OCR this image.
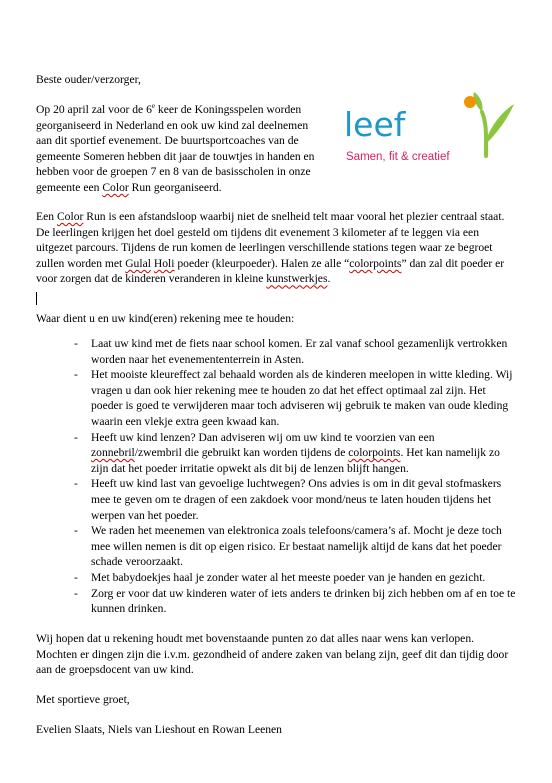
leef
Samen, fit & creatief

Beste ouder/verzorger,

Op 20 april zal voor de 6e keer de Koningsspelen worden georganiseerd in Nederland en ook uw kind zal deelnemen aan dit sportief evenement. De buurtsportcoaches van de gemeente Someren hebben dit jaar de touwtjes in handen en hebben voor de groepen 7 en 8 van de basisscholen in onze gemeente een Color Run georganiseerd.

Een Color Run is een afstandsloop waarbij niet de snelheid telt maar vooral het plezier centraal staat. De leerlingen krijgen het doel gesteld om tijdens dit evenement 3 kilometer af te leggen via een uitgezet parcours. Tijdens de run komen de leerlingen verschillende stations tegen waar ze begroet zullen worden met Gulal Holi poeder (kleurpoeder). Halen ze alle “colorpoints” dan zal dit poeder er voor zorgen dat de kinderen veranderen in kleine kunstwerkjes.

Waar dient u en uw kind(eren) rekening mee te houden:

- Laat uw kind met de fiets naar school komen. Er zal vanaf school gezamenlijk vertrokken worden naar het evenemententerrein in Asten.
- Het mooiste kleureffect zal behaald worden als de kinderen meelopen in witte kleding. Wij vragen u dan ook hier rekening mee te houden zo dat het effect optimaal zal zijn. Het poeder is goed te verwijderen maar toch adviseren wij gebruik te maken van oude kleding waarin een vlekje extra geen kwaad kan.
- Heeft uw kind lenzen? Dan adviseren wij om uw kind te voorzien van een zonnebril/zwembril die gebruikt kan worden tijdens de colorpoints. Het kan namelijk zo zijn dat het poeder irritatie opwekt als dit bij de lenzen blijft hangen.
- Heeft uw kind last van gevoelige luchtwegen? Ons advies is om in dit geval stofmaskers mee te geven om te dragen of een zakdoek voor mond/neus te laten houden tijdens het werpen van het poeder.
- We raden het meenemen van elektronica zoals telefoons/camera’s af. Mocht je deze toch mee willen nemen is dit op eigen risico. Er bestaat namelijk altijd de kans dat het poeder schade veroorzaakt.
- Met babydoekjes haal je zonder water al het meeste poeder van je handen en gezicht.
- Zorg er voor dat uw kinderen water of iets anders te drinken bij zich hebben om af en toe te kunnen drinken.

Wij hopen dat u rekening houdt met bovenstaande punten zo dat alles naar wens kan verlopen. Mochten er dingen zijn die i.v.m. gezondheid of andere zaken van belang zijn, geef dit dan tijdig door aan de groepsdocent van uw kind.

Met sportieve groet,

Evelien Slaats, Niels van Lieshout en Rowan Leenen
